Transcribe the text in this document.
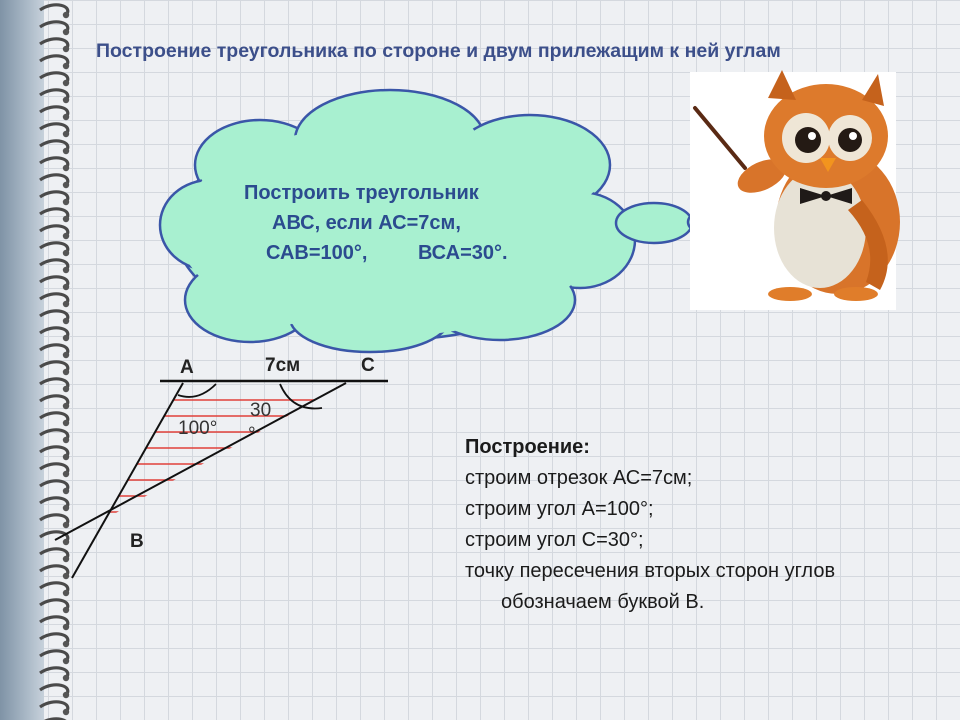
Построение треугольника по стороне и двум прилежащим к ней углам
Построить треугольник
АВС, если АС=7см,
САВ=100°,	ВСА=30°.
A	7см	C
B
100°
30
°
Построение:
строим отрезок АС=7см;
строим угол А=100°;
строим угол С=30°;
точку пересечения вторых сторон углов
обозначаем буквой В.
